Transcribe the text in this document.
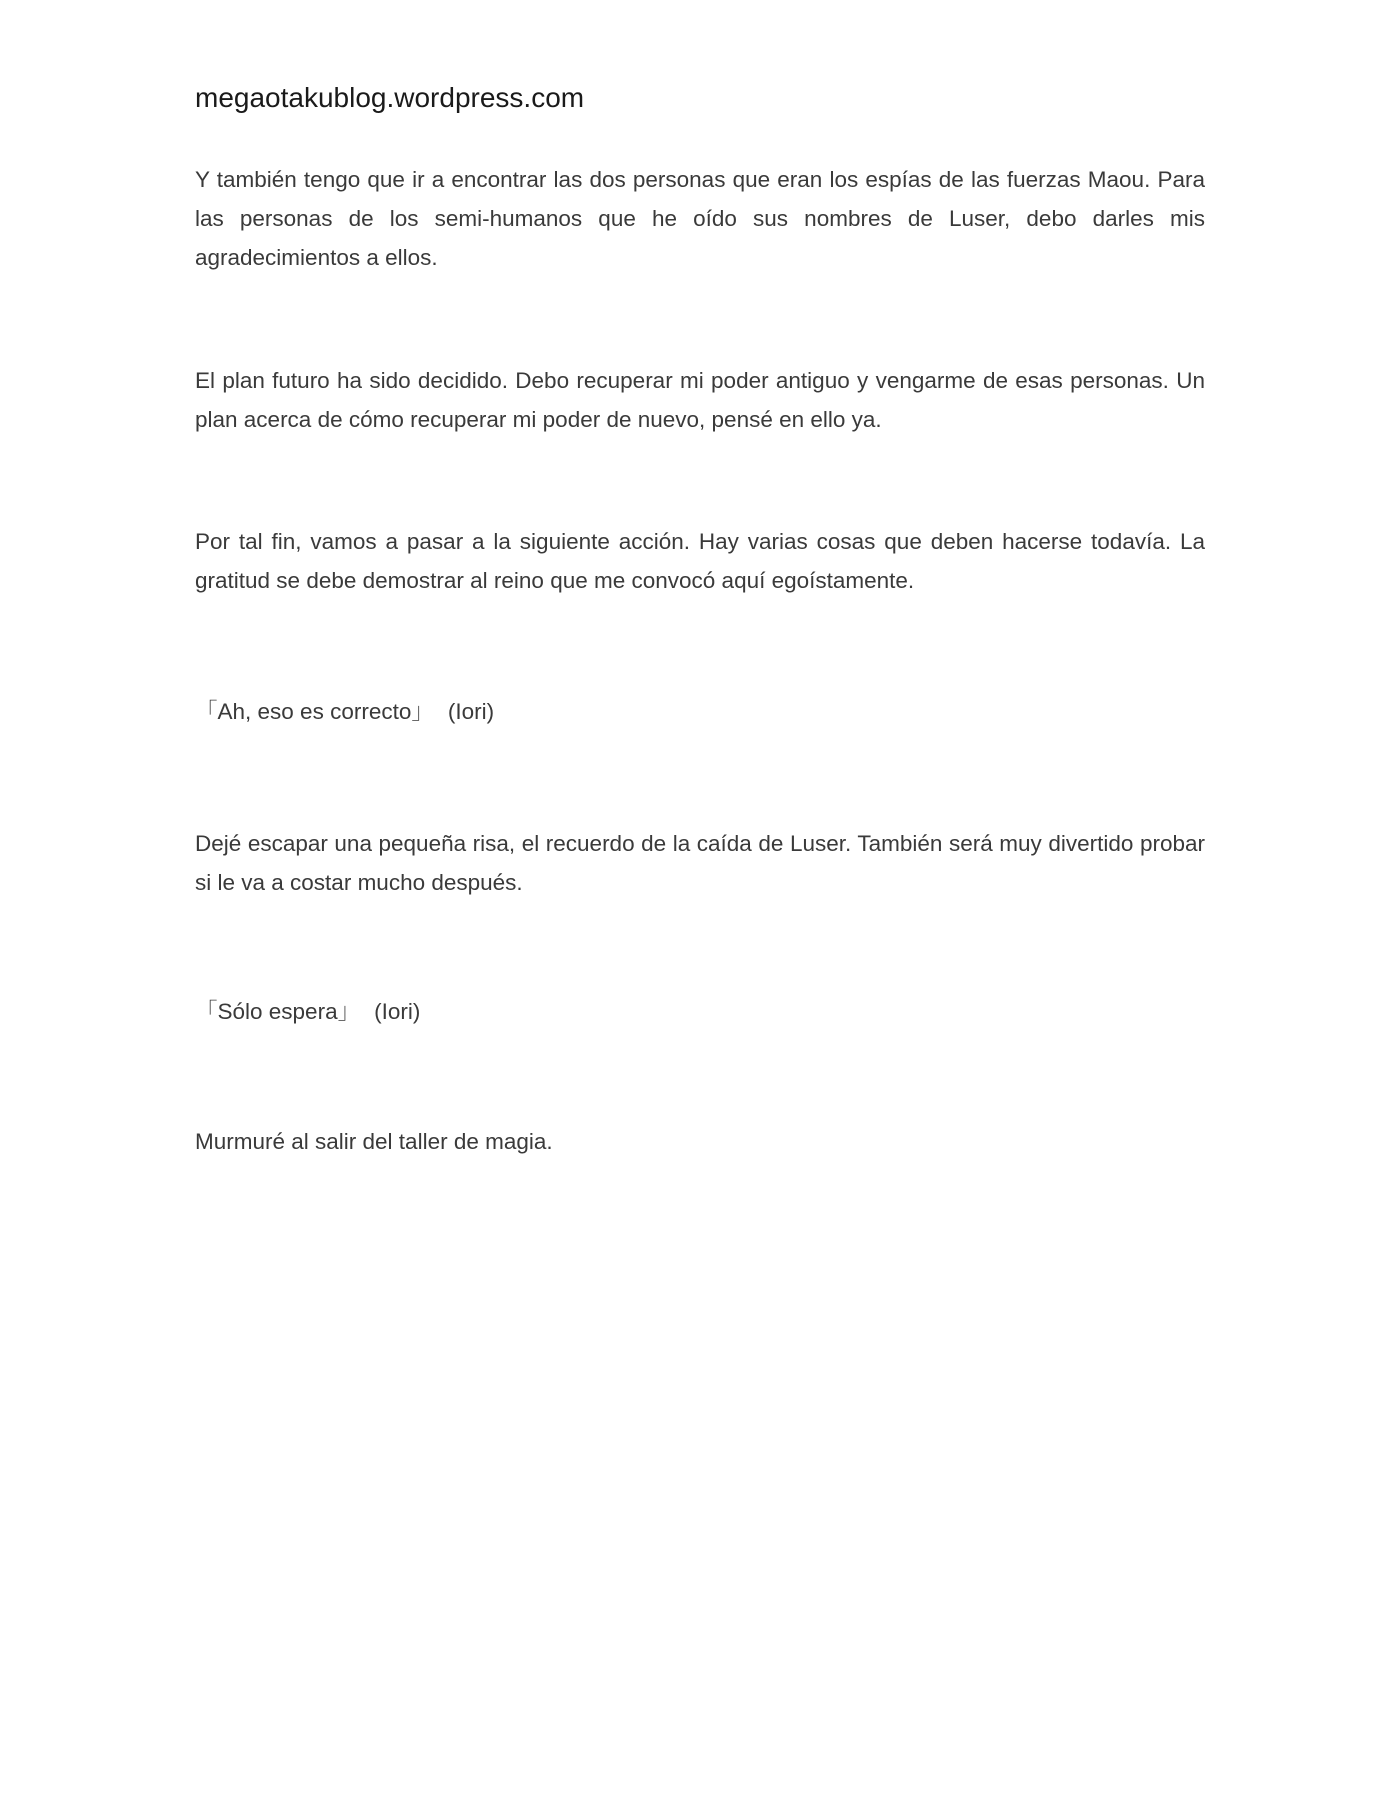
megaotakublog.wordpress.com

Y también tengo que ir a encontrar las dos personas que eran los espías de las fuerzas Maou. Para las personas de los semi-humanos que he oído sus nombres de Luser, debo darles mis agradecimientos a ellos.

El plan futuro ha sido decidido. Debo recuperar mi poder antiguo y vengarme de esas personas. Un plan acerca de cómo recuperar mi poder de nuevo, pensé en ello ya.

Por tal fin, vamos a pasar a la siguiente acción. Hay varias cosas que deben hacerse todavía. La gratitud se debe demostrar al reino que me convocó aquí egoístamente.

「Ah, eso es correcto」 (Iori)

Dejé escapar una pequeña risa, el recuerdo de la caída de Luser. También será muy divertido probar si le va a costar mucho después.

「Sólo espera」 (Iori)

Murmuré al salir del taller de magia.
